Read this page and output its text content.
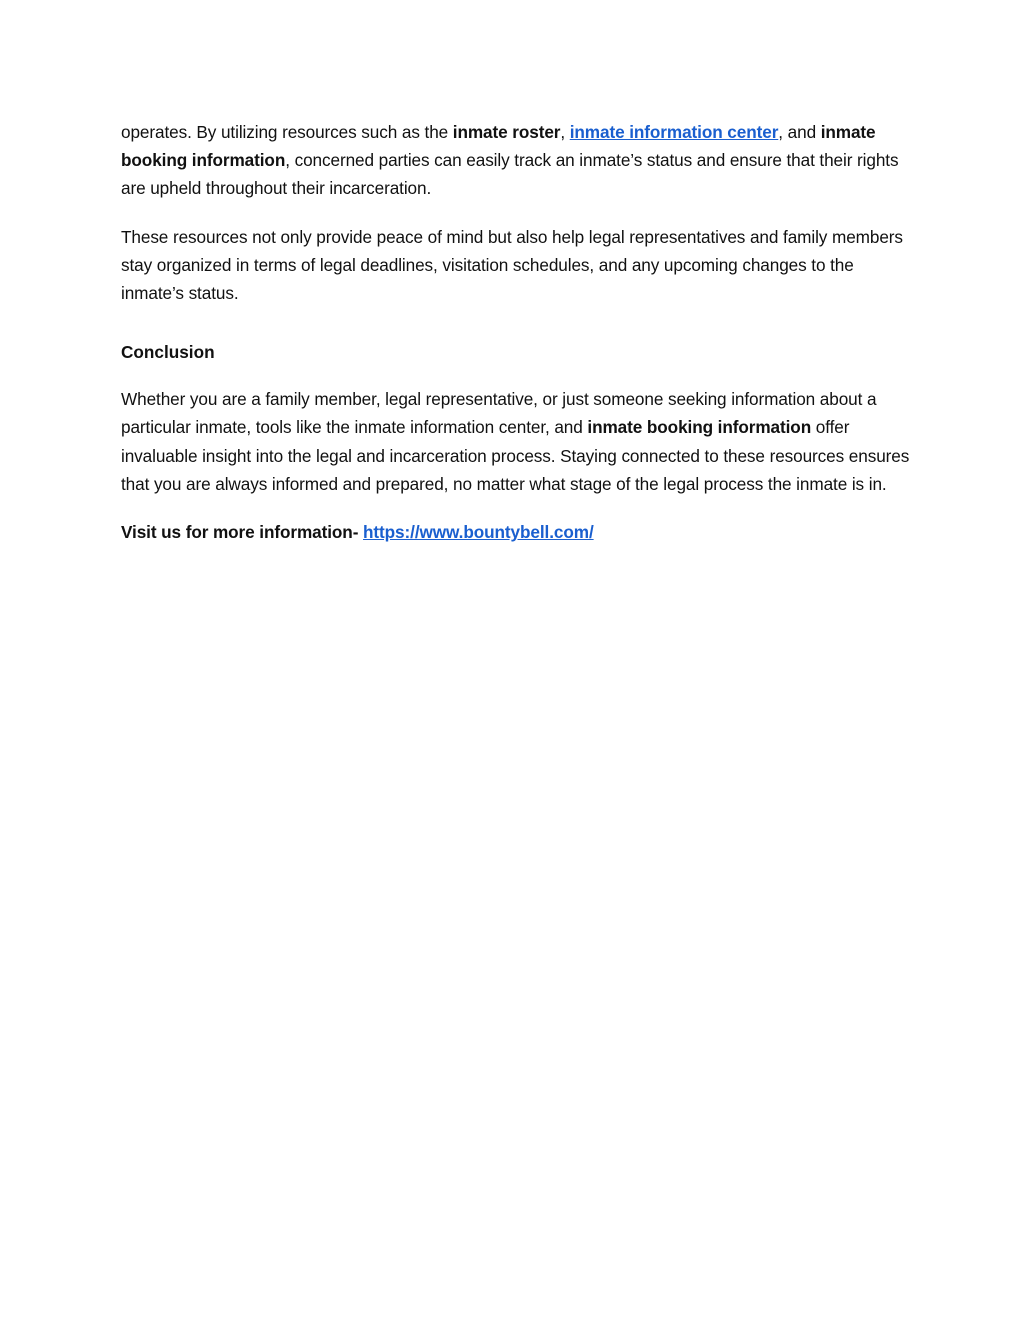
operates. By utilizing resources such as the inmate roster, inmate information center, and inmate booking information, concerned parties can easily track an inmate’s status and ensure that their rights are upheld throughout their incarceration.

These resources not only provide peace of mind but also help legal representatives and family members stay organized in terms of legal deadlines, visitation schedules, and any upcoming changes to the inmate’s status.

Conclusion

Whether you are a family member, legal representative, or just someone seeking information about a particular inmate, tools like the inmate information center, and inmate booking information offer invaluable insight into the legal and incarceration process. Staying connected to these resources ensures that you are always informed and prepared, no matter what stage of the legal process the inmate is in.

Visit us for more information- https://www.bountybell.com/
